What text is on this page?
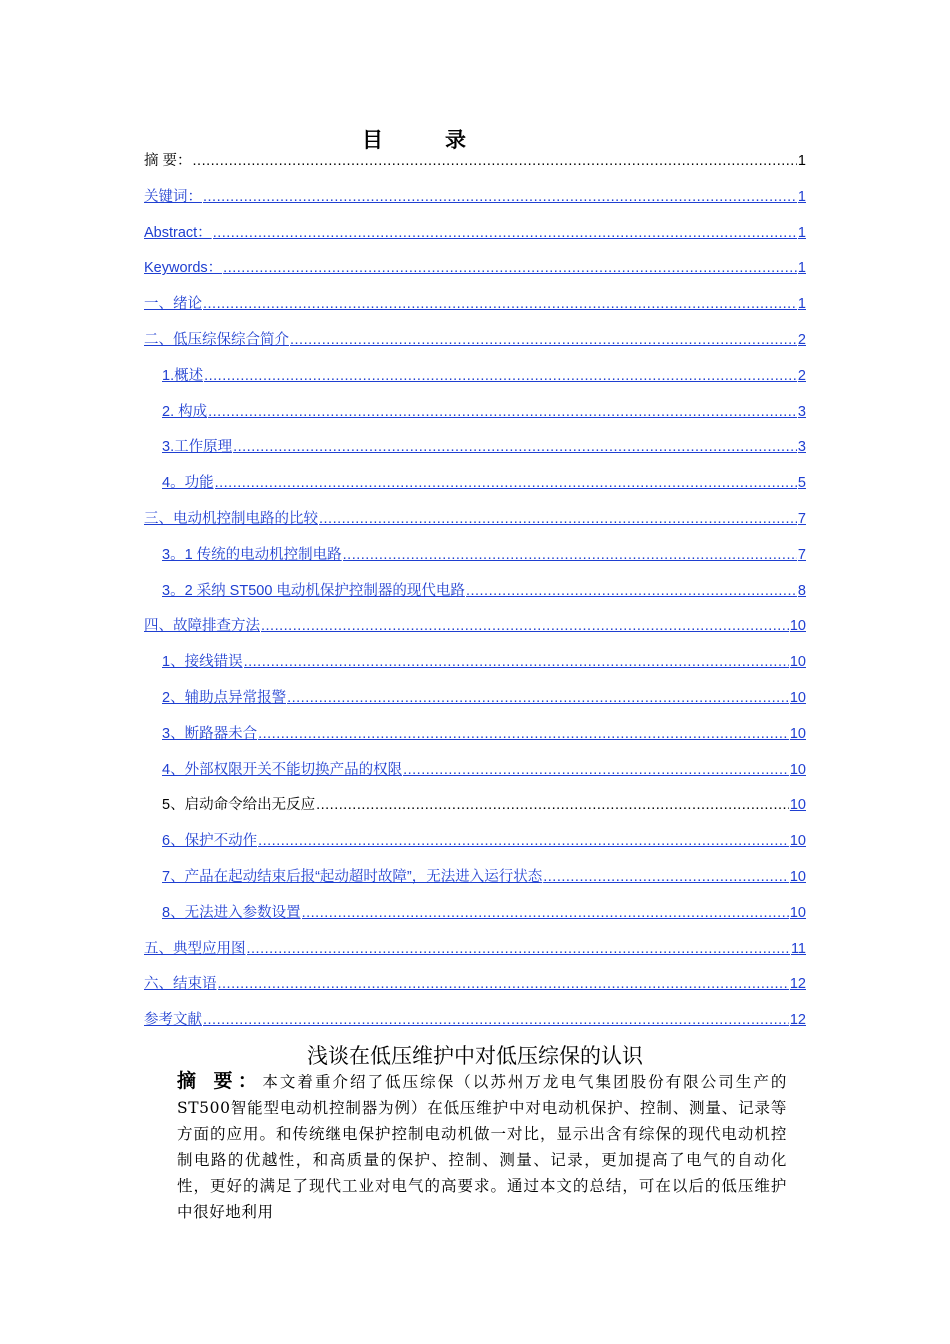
目录
摘 要： .....	1
关键词： .....	1
Abstract： .....	1
Keywords： .....	1
一、绪论 .....	1
二、低压综保综合简介 .....	2
1.概述 .....	2
2. 构成 .....	3
3.工作原理 .....	3
4。功能 .....	5
三、电动机控制电路的比较 .....	7
3。1 传统的电动机控制电路 .....	7
3。2 采纳 ST500 电动机保护控制器的现代电路 .....	8
四、故障排查方法 .....	10
1、接线错误 .....	10
2、辅助点异常报警 .....	10
3、断路器未合 .....	10
4、外部权限开关不能切换产品的权限 .....	10
5、启动命令给出无反应 .....	10
6、保护不动作 .....	10
7、产品在起动结束后报“起动超时故障”，无法进入运行状态 .....	10
8、无法进入参数设置 .....	10
五、典型应用图 .....	11
六、结束语 .....	12
参考文献 .....	12
浅谈在低压维护中对低压综保的认识
摘 要：本文着重介绍了低压综保（以苏州万龙电气集团股份有限公司生产的ST500智能型电动机控制器为例）在低压维护中对电动机保护、控制、测量、记录等方面的应用。和传统继电保护控制电动机做一对比，显示出含有综保的现代电动机控制电路的优越性，和高质量的保护、控制、测量、记录，更加提高了电气的自动化性，更好的满足了现代工业对电气的高要求。通过本文的总结，可在以后的低压维护中很好地利用
